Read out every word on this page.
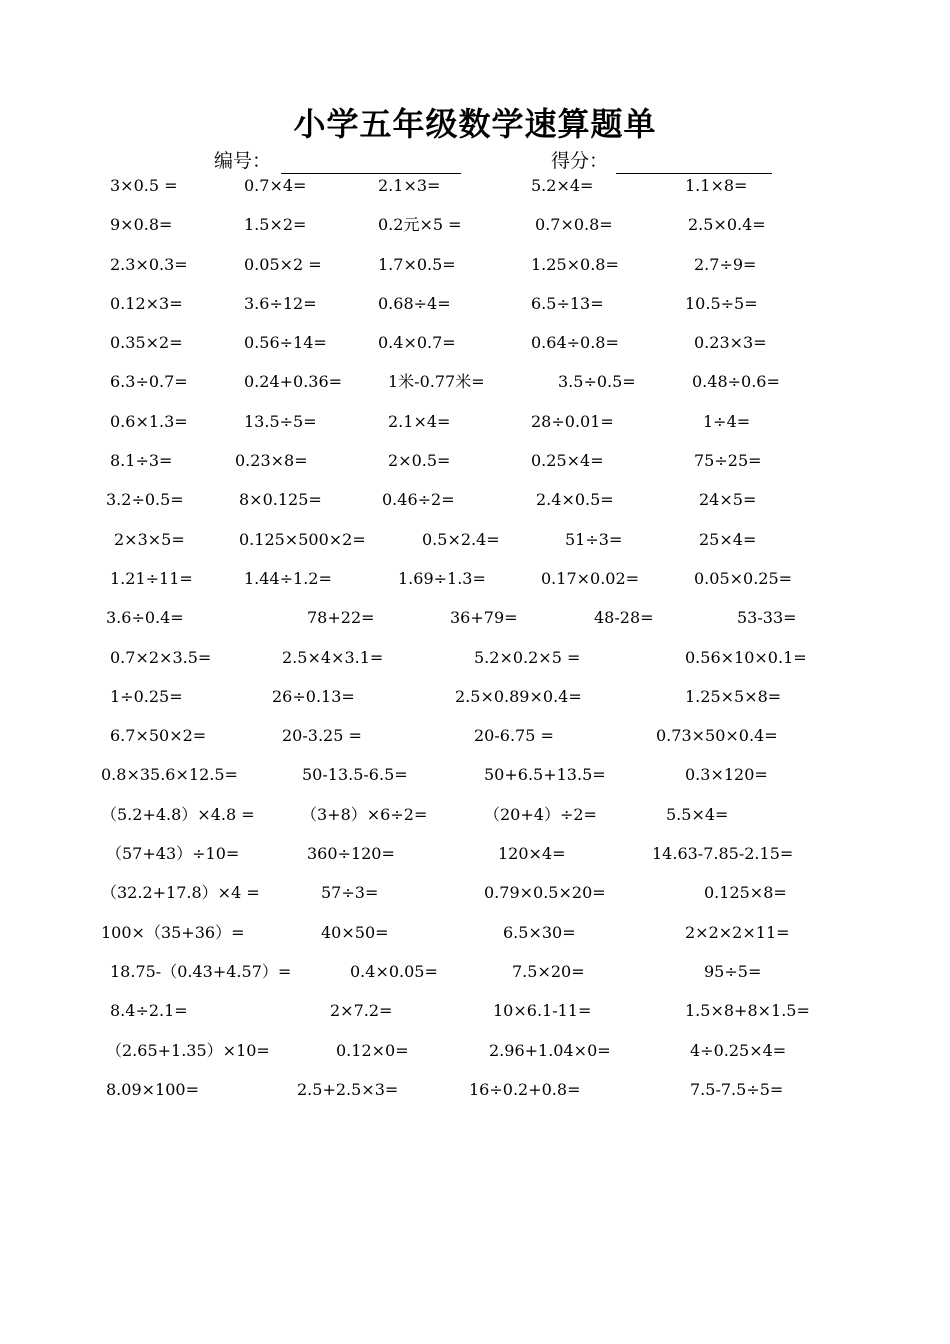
小学五年级数学速算题单
编号：	得分：
3×0.5 =	0.7×4=	2.1×3=	5.2×4=	1.1×8=
9×0.8=	1.5×2=	0.2元×5 =	0.7×0.8=	2.5×0.4=
2.3×0.3=	0.05×2 =	1.7×0.5=	1.25×0.8=	2.7÷9=
0.12×3=	3.6÷12=	0.68÷4=	6.5÷13=	10.5÷5=
0.35×2=	0.56÷14=	0.4×0.7=	0.64÷0.8=	0.23×3=
6.3÷0.7=	0.24+0.36=	1米-0.77米=	3.5÷0.5=	0.48÷0.6=
0.6×1.3=	13.5÷5=	2.1×4=	28÷0.01=	1÷4=
8.1÷3=	0.23×8=	2×0.5=	0.25×4=	75÷25=
3.2÷0.5=	8×0.125=	0.46÷2=	2.4×0.5=	24×5=
2×3×5=	0.125×500×2=	0.5×2.4=	51÷3=	25×4=
1.21÷11=	1.44÷1.2=	1.69÷1.3=	0.17×0.02=	0.05×0.25=
3.6÷0.4=	78+22=	36+79=	48-28=	53-33=
0.7×2×3.5=	2.5×4×3.1=	5.2×0.2×5 =	0.56×10×0.1=
1÷0.25=	26÷0.13=	2.5×0.89×0.4=	1.25×5×8=
6.7×50×2=	20-3.25 =	20-6.75 =	0.73×50×0.4=
0.8×35.6×12.5=	50-13.5-6.5=	50+6.5+13.5=	0.3×120=
（5.2+4.8）×4.8 =	（3+8）×6÷2=	（20+4）÷2=	5.5×4=
（57+43）÷10=	360÷120=	120×4=	14.63-7.85-2.15=
（32.2+17.8）×4 =	57÷3=	0.79×0.5×20=	0.125×8=
100×（35+36）=	40×50=	6.5×30=	2×2×2×11=
18.75-（0.43+4.57）=	0.4×0.05=	7.5×20=	95÷5=
8.4÷2.1=	2×7.2=	10×6.1-11=	1.5×8+8×1.5=
（2.65+1.35）×10=	0.12×0=	2.96+1.04×0=	4÷0.25×4=
8.09×100=	2.5+2.5×3=	16÷0.2+0.8=	7.5-7.5÷5=
